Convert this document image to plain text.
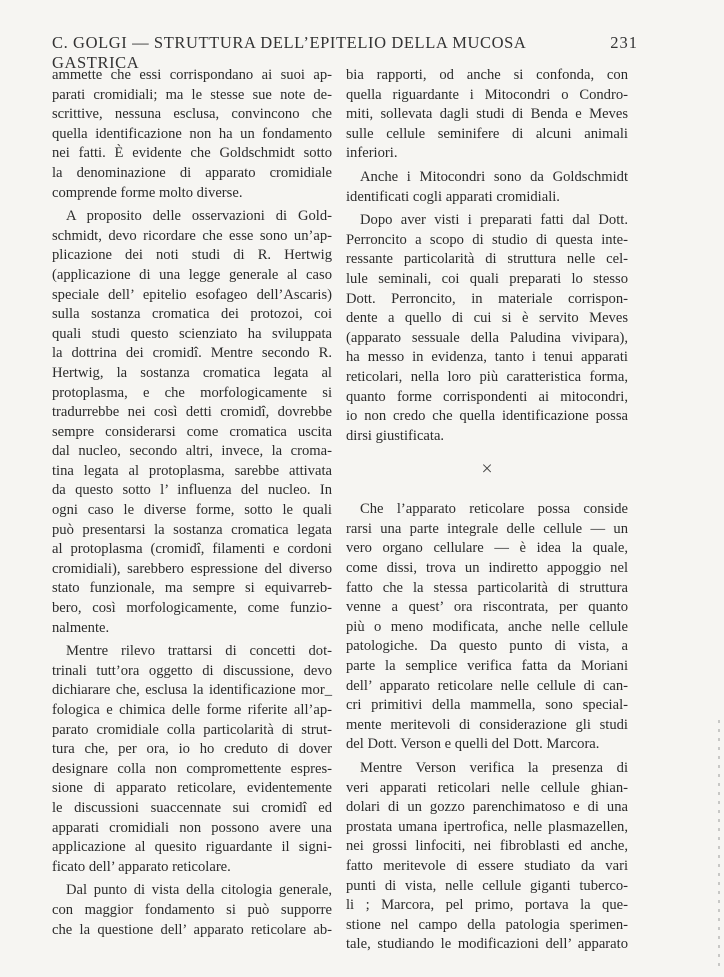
C. GOLGI — STRUTTURA DELL’EPITELIO DELLA MUCOSA GASTRICA
231
ammette che essi corrispondano ai suoi ap-
parati cromidiali; ma le stesse sue note de-
scrittive, nessuna esclusa, convincono che
quella identificazione non ha un fondamento
nei fatti. È evidente che Goldschmidt sotto
la denominazione di apparato cromidiale
comprende forme molto diverse.
A proposito delle osservazioni di Gold-
schmidt, devo ricordare che esse sono un’ap-
plicazione dei noti studi di R. Hertwig
(applicazione di una legge generale al caso
speciale dell’ epitelio esofageo dell’Ascaris)
sulla sostanza cromatica dei protozoi, coi
quali studi questo scienziato ha sviluppata
la dottrina dei cromidî. Mentre secondo R.
Hertwig, la sostanza cromatica legata al
protoplasma, e che morfologicamente si
tradurrebbe nei così detti cromidî, dovrebbe
sempre considerarsi come cromatica uscita
dal nucleo, secondo altri, invece, la croma-
tina legata al protoplasma, sarebbe attivata
da questo sotto l’ influenza del nucleo. In
ogni caso le diverse forme, sotto le quali
può presentarsi la sostanza cromatica legata
al protoplasma (cromidî, filamenti e cordoni
cromidiali), sarebbero espressione del diverso
stato funzionale, ma sempre si equivarreb-
bero, così morfologicamente, come funzio-
nalmente.
Mentre rilevo trattarsi di concetti dot-
trinali tutt’ora oggetto di discussione, devo
dichiarare che, esclusa la identificazione mor_
fologica e chimica delle forme riferite all’ap-
parato cromidiale colla particolarità di strut-
tura che, per ora, io ho creduto di dover
designare colla non compromettente espres-
sione di apparato reticolare, evidentemente
le discussioni suaccennate sui cromidî ed
apparati cromidiali non possono avere una
applicazione al quesito riguardante il signi-
ficato dell’ apparato reticolare.
Dal punto di vista della citologia generale,
con maggior fondamento si può supporre
che la questione dell’ apparato reticolare ab-
bia rapporti, od anche si confonda, con
quella riguardante i Mitocondri o Condro-
miti, sollevata dagli studi di Benda e Meves
sulle cellule seminifere di alcuni animali
inferiori.
Anche i Mitocondri sono da Goldschmidt
identificati cogli apparati cromidiali.
Dopo aver visti i preparati fatti dal Dott.
Perroncito a scopo di studio di questa inte-
ressante particolarità di struttura nelle cel-
lule seminali, coi quali preparati lo stesso
Dott. Perroncito, in materiale corrispon-
dente a quello di cui si è servito Meves
(apparato sessuale della Paludina vivipara),
ha messo in evidenza, tanto i tenui apparati
reticolari, nella loro più caratteristica forma,
quanto forme corrispondenti ai mitocondri,
io non credo che quella identificazione possa
dirsi giustificata.
×
Che l’apparato reticolare possa conside
rarsi una parte integrale delle cellule — un
vero organo cellulare — è idea la quale,
come dissi, trova un indiretto appoggio nel
fatto che la stessa particolarità di struttura
venne a quest’ ora riscontrata, per quanto
più o meno modificata, anche nelle cellule
patologiche. Da questo punto di vista, a
parte la semplice verifica fatta da Moriani
dell’ apparato reticolare nelle cellule di can-
cri primitivi della mammella, sono special-
mente meritevoli di considerazione gli studi
del Dott. Verson e quelli del Dott. Marcora.
Mentre Verson verifica la presenza di
veri apparati reticolari nelle cellule ghian-
dolari di un gozzo parenchimatoso e di una
prostata umana ipertrofica, nelle plasmazellen,
nei grossi linfociti, nei fibroblasti ed anche,
fatto meritevole di essere studiato da vari
punti di vista, nelle cellule giganti tuberco-
li ; Marcora, pel primo, portava la que-
stione nel campo della patologia sperimen-
tale, studiando le modificazioni dell’ apparato
